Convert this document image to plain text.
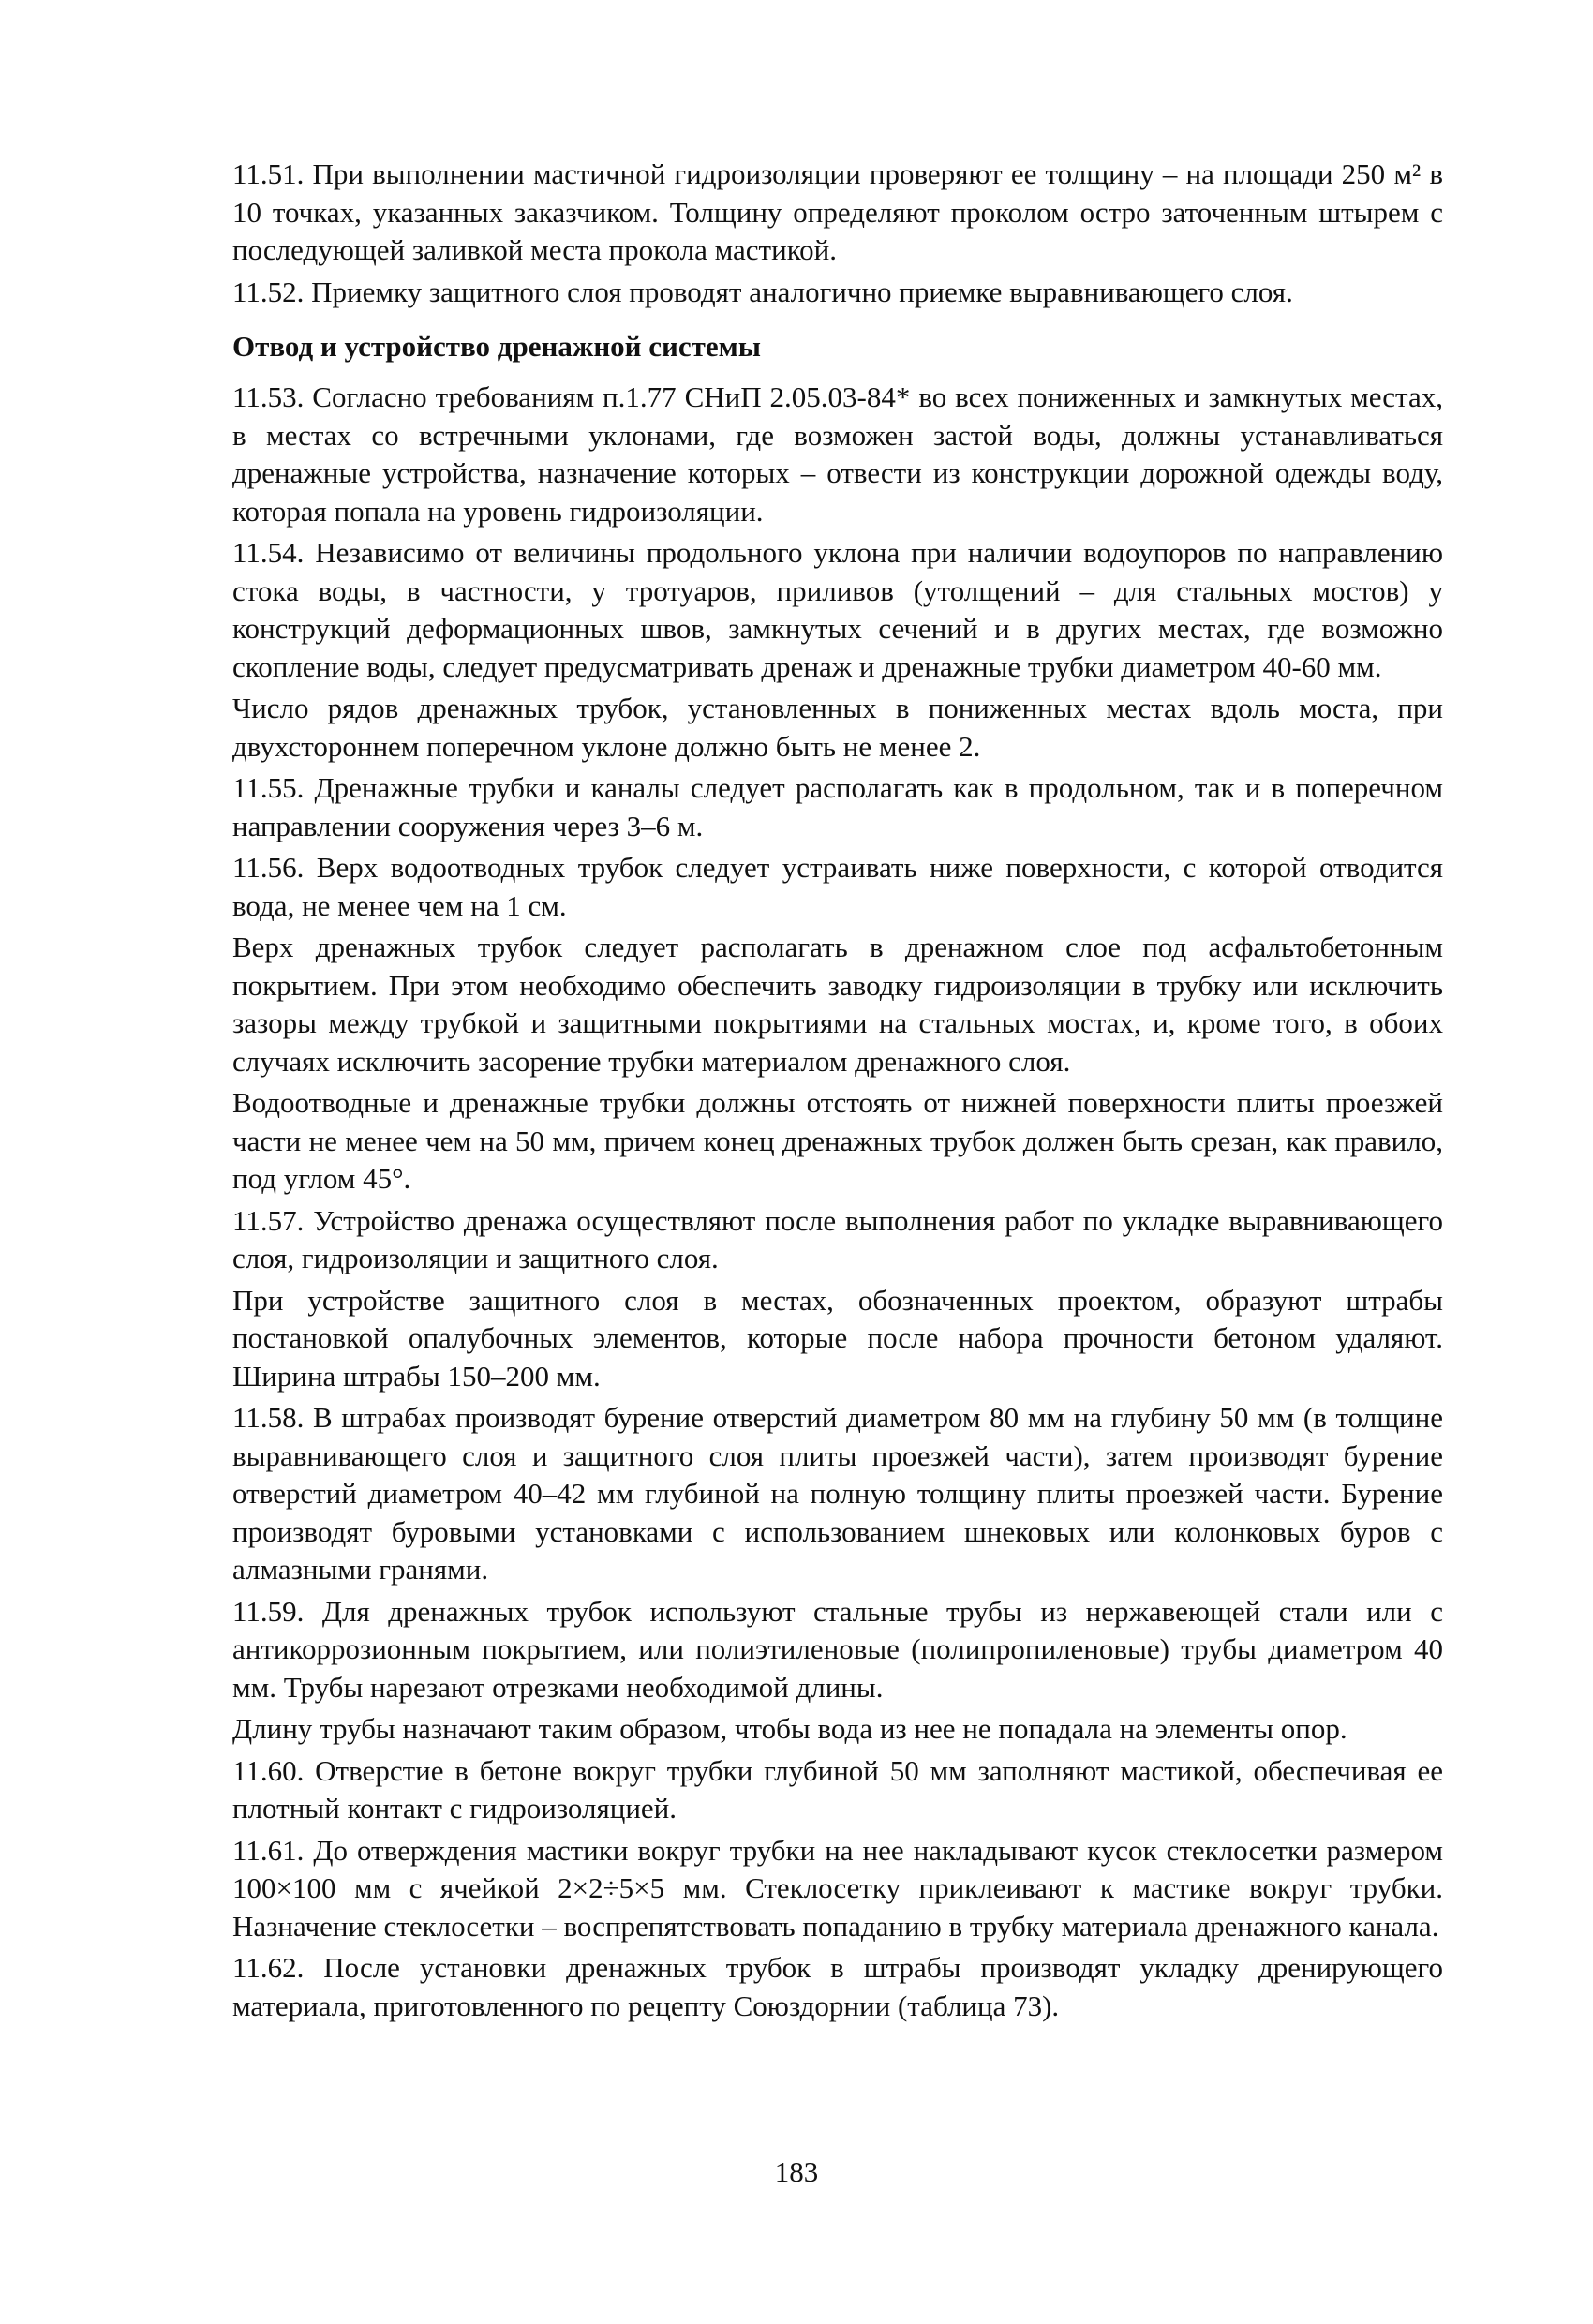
11.51. При выполнении мастичной гидроизоляции проверяют ее толщину – на площади 250 м² в 10 точках, указанных заказчиком. Толщину определяют проколом остро заточенным штырем с последующей заливкой места прокола мастикой.

11.52. Приемку защитного слоя проводят аналогично приемке выравнивающего слоя.

Отвод и устройство дренажной системы

11.53. Согласно требованиям п.1.77 СНиП 2.05.03-84* во всех пониженных и замкнутых местах, в местах со встречными уклонами, где возможен застой воды, должны устанавливаться дренажные устройства, назначение которых – отвести из конструкции дорожной одежды воду, которая попала на уровень гидроизоляции.

11.54. Независимо от величины продольного уклона при наличии водоупоров по направлению стока воды, в частности, у тротуаров, приливов (утолщений – для стальных мостов) у конструкций деформационных швов, замкнутых сечений и в других местах, где возможно скопление воды, следует предусматривать дренаж и дренажные трубки диаметром 40-60 мм.

Число рядов дренажных трубок, установленных в пониженных местах вдоль моста, при двухстороннем поперечном уклоне должно быть не менее 2.

11.55. Дренажные трубки и каналы следует располагать как в продольном, так и в поперечном направлении сооружения через 3–6 м.

11.56. Верх водоотводных трубок следует устраивать ниже поверхности, с которой отводится вода, не менее чем на 1 см.

Верх дренажных трубок следует располагать в дренажном слое под асфальтобетонным покрытием. При этом необходимо обеспечить заводку гидроизоляции в трубку или исключить зазоры между трубкой и защитными покрытиями на стальных мостах, и, кроме того, в обоих случаях исключить засорение трубки материалом дренажного слоя.

Водоотводные и дренажные трубки должны отстоять от нижней поверхности плиты проезжей части не менее чем на 50 мм, причем конец дренажных трубок должен быть срезан, как правило, под углом 45°.

11.57. Устройство дренажа осуществляют после выполнения работ по укладке выравнивающего слоя, гидроизоляции и защитного слоя.

При устройстве защитного слоя в местах, обозначенных проектом, образуют штрабы постановкой опалубочных элементов, которые после набора прочности бетоном удаляют. Ширина штрабы 150–200 мм.

11.58. В штрабах производят бурение отверстий диаметром 80 мм на глубину 50 мм (в толщине выравнивающего слоя и защитного слоя плиты проезжей части), затем производят бурение отверстий диаметром 40–42 мм глубиной на полную толщину плиты проезжей части. Бурение производят буровыми установками с использованием шнековых или колонковых буров с алмазными гранями.

11.59. Для дренажных трубок используют стальные трубы из нержавеющей стали или с антикоррозионным покрытием, или полиэтиленовые (полипропиленовые) трубы диаметром 40 мм. Трубы нарезают отрезками необходимой длины.

Длину трубы назначают таким образом, чтобы вода из нее не попадала на элементы опор.

11.60. Отверстие в бетоне вокруг трубки глубиной 50 мм заполняют мастикой, обеспечивая ее плотный контакт с гидроизоляцией.

11.61. До отверждения мастики вокруг трубки на нее накладывают кусок стеклосетки размером 100×100 мм с ячейкой 2×2÷5×5 мм. Стеклосетку приклеивают к мастике вокруг трубки. Назначение стеклосетки – воспрепятствовать попаданию в трубку материала дренажного канала.

11.62. После установки дренажных трубок в штрабы производят укладку дренирующего материала, приготовленного по рецепту Союздорнии (таблица 73).

183
